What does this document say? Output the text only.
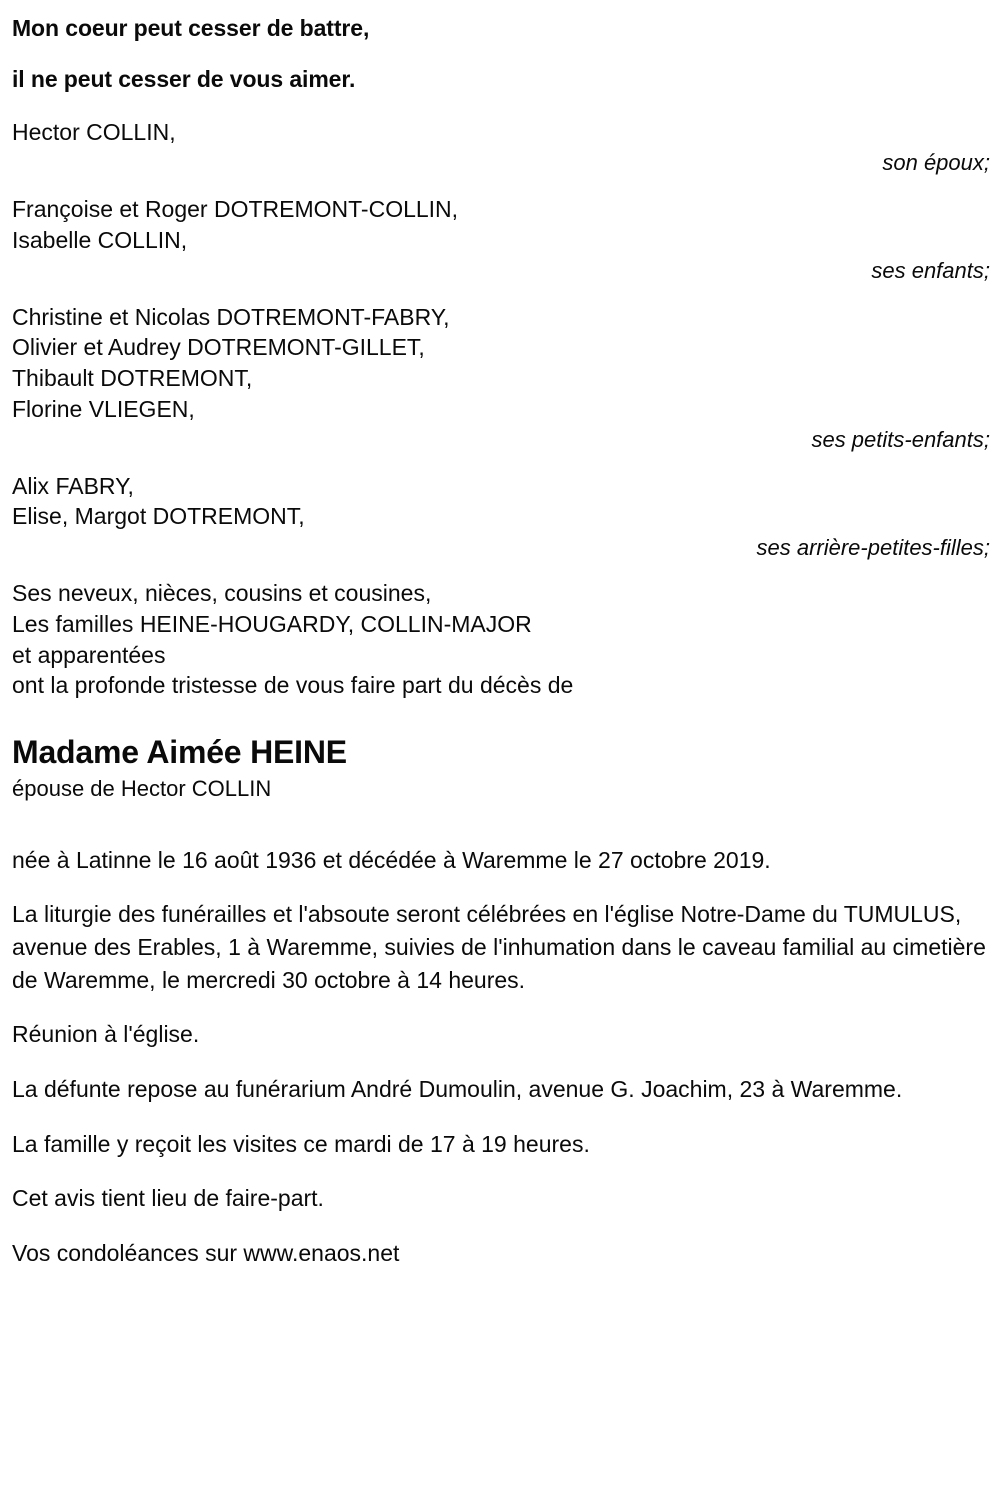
Mon coeur peut cesser de battre,

il ne peut cesser de vous aimer.

Hector COLLIN,
son époux;
Françoise et Roger DOTREMONT-COLLIN,
Isabelle COLLIN,
ses enfants;
Christine et Nicolas DOTREMONT-FABRY,
Olivier et Audrey DOTREMONT-GILLET,
Thibault DOTREMONT,
Florine VLIEGEN,
ses petits-enfants;
Alix FABRY,
Elise, Margot DOTREMONT,
ses arrière-petites-filles;
Ses neveux, nièces, cousins et cousines,
Les familles HEINE-HOUGARDY, COLLIN-MAJOR
et apparentées
ont la profonde tristesse de vous faire part du décès de
Madame Aimée HEINE
épouse de Hector COLLIN

née à Latinne le 16 août 1936 et décédée à Waremme le 27 octobre 2019.

La liturgie des funérailles et l'absoute seront célébrées en l'église Notre-Dame du TUMULUS, avenue des Erables, 1 à Waremme, suivies de l'inhumation dans le caveau familial au cimetière de Waremme, le mercredi 30 octobre à 14 heures.

Réunion à l'église.

La défunte repose au funérarium André Dumoulin, avenue G. Joachim, 23 à Waremme.

La famille y reçoit les visites ce mardi de 17 à 19 heures.

Cet avis tient lieu de faire-part.

Vos condoléances sur www.enaos.net
